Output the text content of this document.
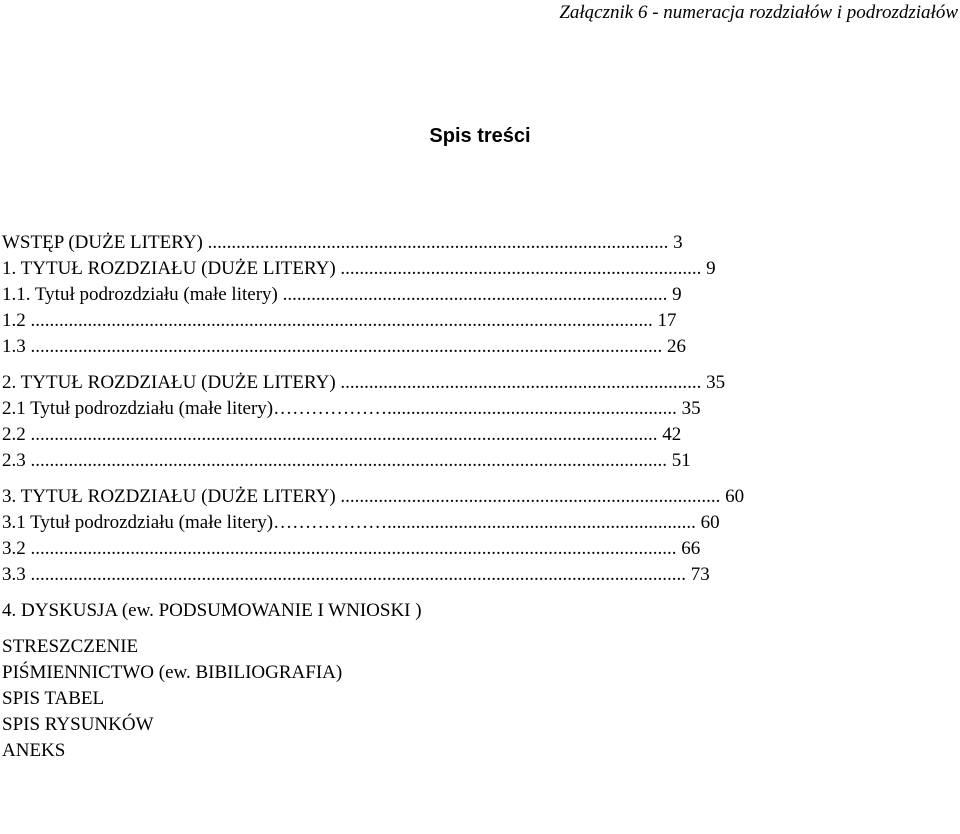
Załącznik 6 - numeracja rozdziałów i podrozdziałów
Spis treści
WSTĘP (DUŻE LITERY) ................................................................................................. 3
1. TYTUŁ ROZDZIAŁU (DUŻE LITERY) ............................................................................ 9
1.1. Tytuł podrozdziału (małe litery) ................................................................................. 9
1.2 ................................................................................................................................... 17
1.3 ..................................................................................................................................... 26
2. TYTUŁ ROZDZIAŁU (DUŻE LITERY) ............................................................................ 35
2.1 Tytuł podrozdziału (małe litery)………………............................................................. 35
2.2 .................................................................................................................................... 42
2.3 ...................................................................................................................................... 51
3. TYTUŁ ROZDZIAŁU (DUŻE LITERY) ................................................................................ 60
3.1 Tytuł podrozdziału (małe litery)………………................................................................. 60
3.2 ........................................................................................................................................ 66
3.3 .......................................................................................................................................... 73
4. DYSKUSJA (ew. PODSUMOWANIE I WNIOSKI )
STRESZCZENIE
PIŚMIENNICTWO (ew. BIBILIOGRAFIA)
SPIS TABEL
SPIS RYSUNKÓW
ANEKS
